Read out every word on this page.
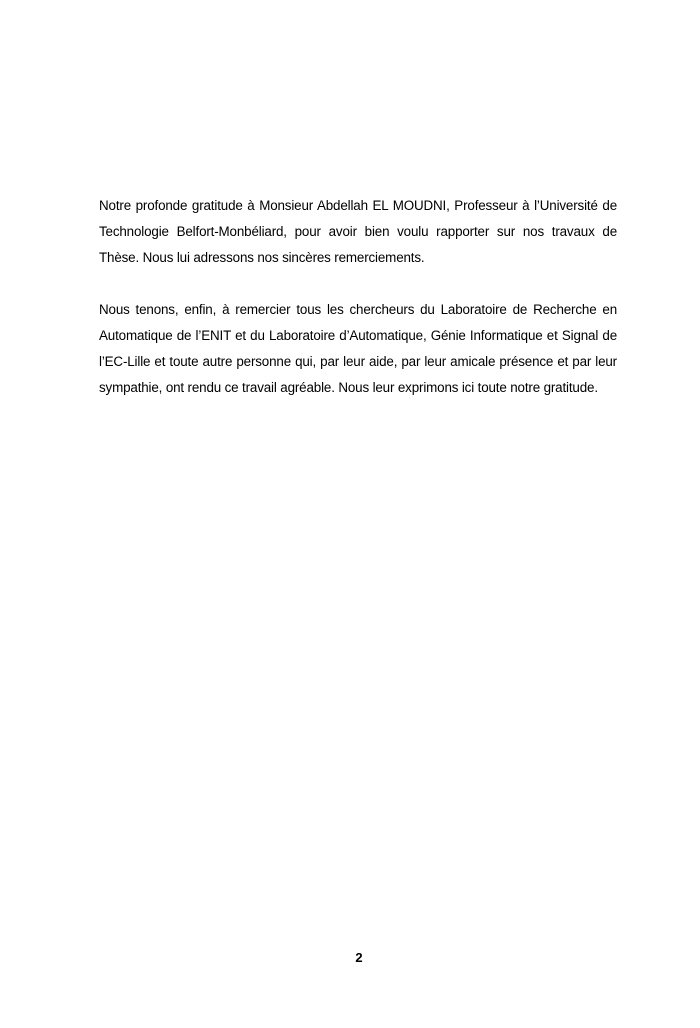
Notre profonde gratitude à Monsieur Abdellah EL MOUDNI, Professeur à l’Université de Technologie Belfort-Monbéliard, pour avoir bien voulu rapporter sur nos travaux de Thèse. Nous lui adressons nos sincères remerciements.

Nous tenons, enfin, à remercier tous les chercheurs du Laboratoire de Recherche en Automatique de l’ENIT et du Laboratoire d’Automatique, Génie Informatique et Signal de l’EC-Lille et toute autre personne qui, par leur aide, par leur amicale présence et par leur sympathie, ont rendu ce travail agréable. Nous leur exprimons ici toute notre gratitude.

2
